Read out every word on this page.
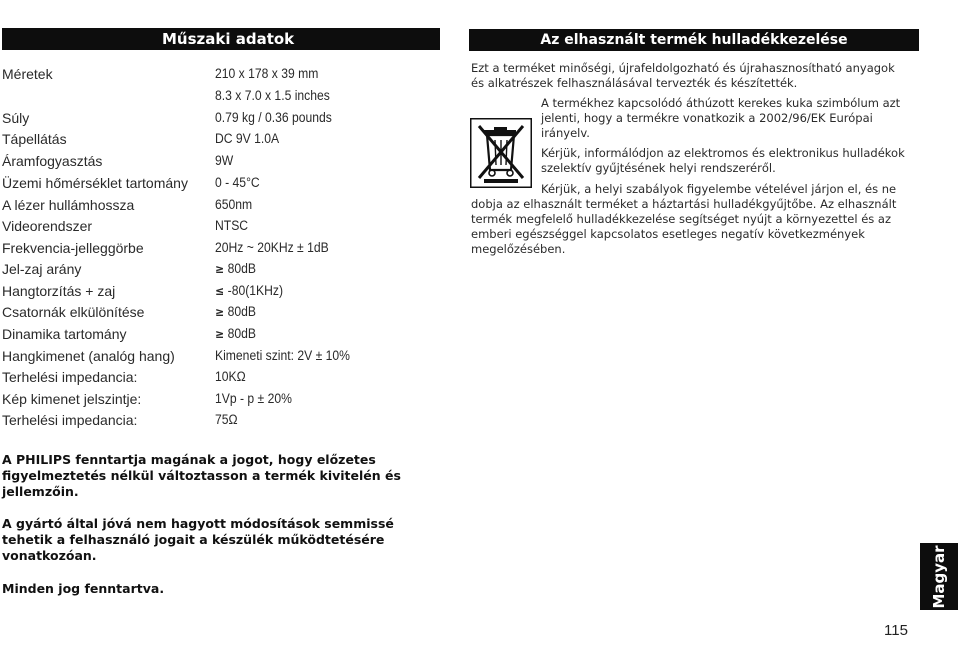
Műszaki adatok	Az elhasznált termék hulladékkezelése
Méretek	210 x 178 x 39 mm
8.3 x 7.0 x 1.5 inches
Súly	0.79 kg / 0.36 pounds
Tápellátás	DC 9V 1.0A
Áramfogyasztás	9W
Üzemi hőmérséklet tartomány 0 - 45°C
A lézer hullámhossza	650nm
Videorendszer	NTSC
Frekvencia-jelleggörbe	20Hz ~ 20KHz ± 1dB
Jel-zaj arány	≥ 80dB
Hangtorzítás + zaj	≤ -80(1KHz)
Csatornák elkülönítése	≥ 80dB
Dinamika tartomány	≥ 80dB
Hangkimenet (analóg hang)	Kimeneti szint: 2V ± 10%
Terhelési impedancia:	10KΩ
Kép kimenet jelszintje:	1Vp - p ± 20%
Terhelési impedancia:	75Ω
A PHILIPS fenntartja magának a jogot, hogy előzetes figyelmeztetés nélkül változtasson a termék kivitelén és jellemzőin.
A gyártó által jóvá nem hagyott módosítások semmissé tehetik a felhasználó jogait a készülék működtetésére vonatkozóan.
Minden jog fenntartva.
Ezt a terméket minőségi, újrafeldolgozható és újrahasznosítható anyagok és alkatrészek felhasználásával tervezték és készítették.
A termékhez kapcsolódó áthúzott kerekes kuka szimbólum azt jelenti, hogy a termékre vonatkozik a 2002/96/EK Európai irányelv.
Kérjük, informálódjon az elektromos és elektronikus hulladékok szelektív gyűjtésének helyi rendszeréről.
Kérjük, a helyi szabályok figyelembe vételével járjon el, és ne dobja az elhasznált terméket a háztartási hulladékgyűjtőbe. Az elhasznált termék megfelelő hulladékkezelése segítséget nyújt a környezettel és az emberi egészséggel kapcsolatos esetleges negatív következmények megelőzésében.
Magyar
115
